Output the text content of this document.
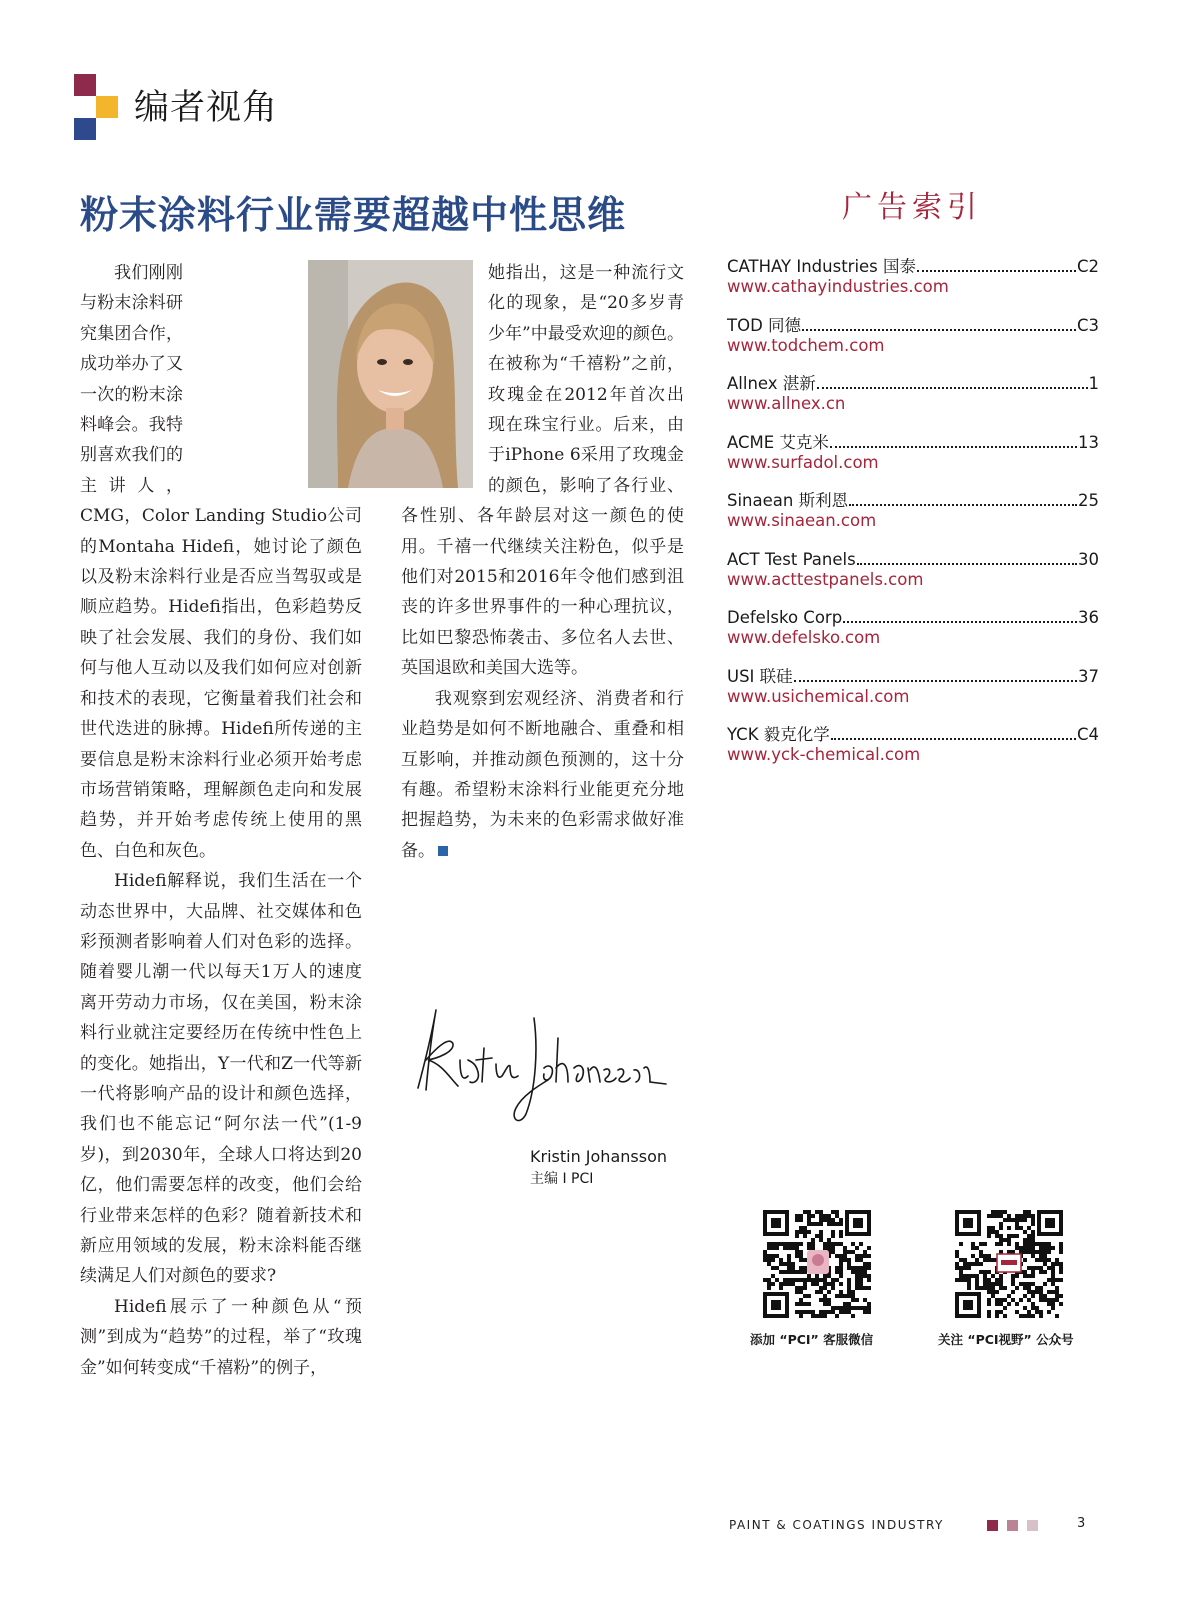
编者视角
粉末涂料行业需要超越中性思维

我们刚刚与粉末涂料研究集团合作，成功举办了又一次的粉末涂料峰会。我特别喜欢我们的主讲人，CMG，Color Landing Studio公司的Montaha Hidefi，她讨论了颜色以及粉末涂料行业是否应当驾驭或是顺应趋势。Hidefi指出，色彩趋势反映了社会发展、我们的身份、我们如何与他人互动以及我们如何应对创新和技术的表现，它衡量着我们社会和世代迭进的脉搏。Hidefi所传递的主要信息是粉末涂料行业必须开始考虑市场营销策略，理解颜色走向和发展趋势，并开始考虑传统上使用的黑色、白色和灰色。

Hidefi解释说，我们生活在一个动态世界中，大品牌、社交媒体和色彩预测者影响着人们对色彩的选择。随着婴儿潮一代以每天1万人的速度离开劳动力市场，仅在美国，粉末涂料行业就注定要经历在传统中性色上的变化。她指出，Y一代和Z一代等新一代将影响产品的设计和颜色选择，我们也不能忘记“阿尔法一代”(1-9岁)，到2030年，全球人口将达到20亿，他们需要怎样的改变，他们会给行业带来怎样的色彩？随着新技术和新应用领域的发展，粉末涂料能否继续满足人们对颜色的要求?

Hidefi展示了一种颜色从“预测”到成为“趋势”的过程，举了“玫瑰金”如何转变成“千禧粉”的例子，

她指出，这是一种流行文化的现象，是“20多岁青少年”中最受欢迎的颜色。在被称为“千禧粉”之前，玫瑰金在2012年首次出现在珠宝行业。后来，由于iPhone 6采用了玫瑰金的颜色，影响了各行业、各性别、各年龄层对这一颜色的使用。千禧一代继续关注粉色，似乎是他们对2015和2016年令他们感到沮丧的许多世界事件的一种心理抗议，比如巴黎恐怖袭击、多位名人去世、英国退欧和美国大选等。

我观察到宏观经济、消费者和行业趋势是如何不断地融合、重叠和相互影响，并推动颜色预测的，这十分有趣。希望粉末涂料行业能更充分地把握趋势，为未来的色彩需求做好准备。

Kristin Johansson
主编 I PCI
广告索引
CATHAY Industries 国泰	C2
www.cathayindustries.com
TOD 同德	C3
www.todchem.com
Allnex 湛新	1
www.allnex.cn
ACME 艾克米	13
www.surfadol.com
Sinaean 斯利恩	25
www.sinaean.com
ACT Test Panels	30
www.acttestpanels.com
Defelsko Corp	36
www.defelsko.com
USI 联硅	37
www.usichemical.com
YCK 毅克化学	C4
www.yck-chemical.com
添加 “PCI” 客服微信	关注 “PCI视野” 公众号
PAINT & COATINGS INDUSTRY	3
